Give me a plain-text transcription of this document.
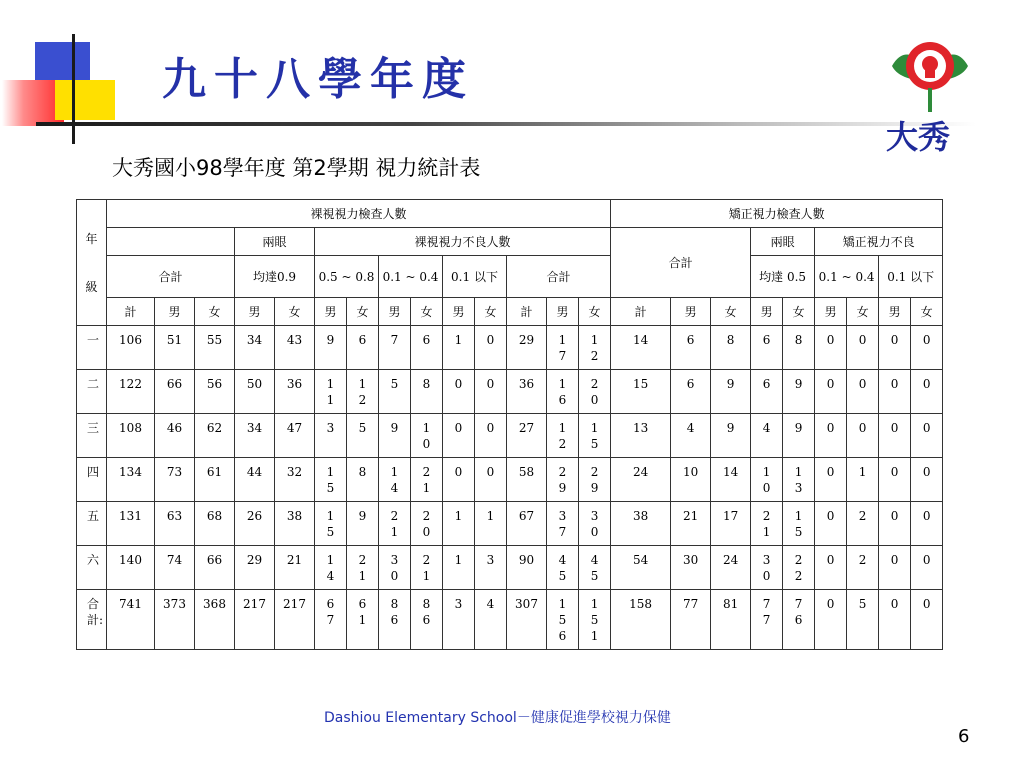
九十八學年度

大秀國小98學年度 第2學期 視力統計表

大秀
年

級	裸視視力檢查人數														矯正視力檢查人數								
				兩眼		裸視視力不良人數									合計			兩眼		矯正視力不良			
	合計			均達0.9		0.5 ~ 0.8		0.1 ~ 0.4		0.1 以下		合計						均達 0.5		0.1 ~ 0.4		0.1 以下	
	計	男	女	男	女	男	女	男	女	男	女	計	男	女	計	男	女	男	女	男	女	男	女
一	106	51	55	34	43	9	6	7	6	1	0	29	17	12	14	6	8	6	8	0	0	0	0
二	122	66	56	50	36	11	12	5	8	0	0	36	16	20	15	6	9	6	9	0	0	0	0
三	108	46	62	34	47	3	5	9	10	0	0	27	12	15	13	4	9	4	9	0	0	0	0
四	134	73	61	44	32	15	8	14	21	0	0	58	29	29	24	10	14	10	13	0	1	0	0
五	131	63	68	26	38	15	9	21	20	1	1	67	37	30	38	21	17	21	15	0	2	0	0
六	140	74	66	29	21	14	21	30	21	1	3	90	45	45	54	30	24	30	22	0	2	0	0
合計:	741	373	368	217	217	67	61	86	86	3	4	307	156	151	158	77	81	77	76	0	5	0	0
Dashiou Elementary School－健康促進學校視力保健
6
